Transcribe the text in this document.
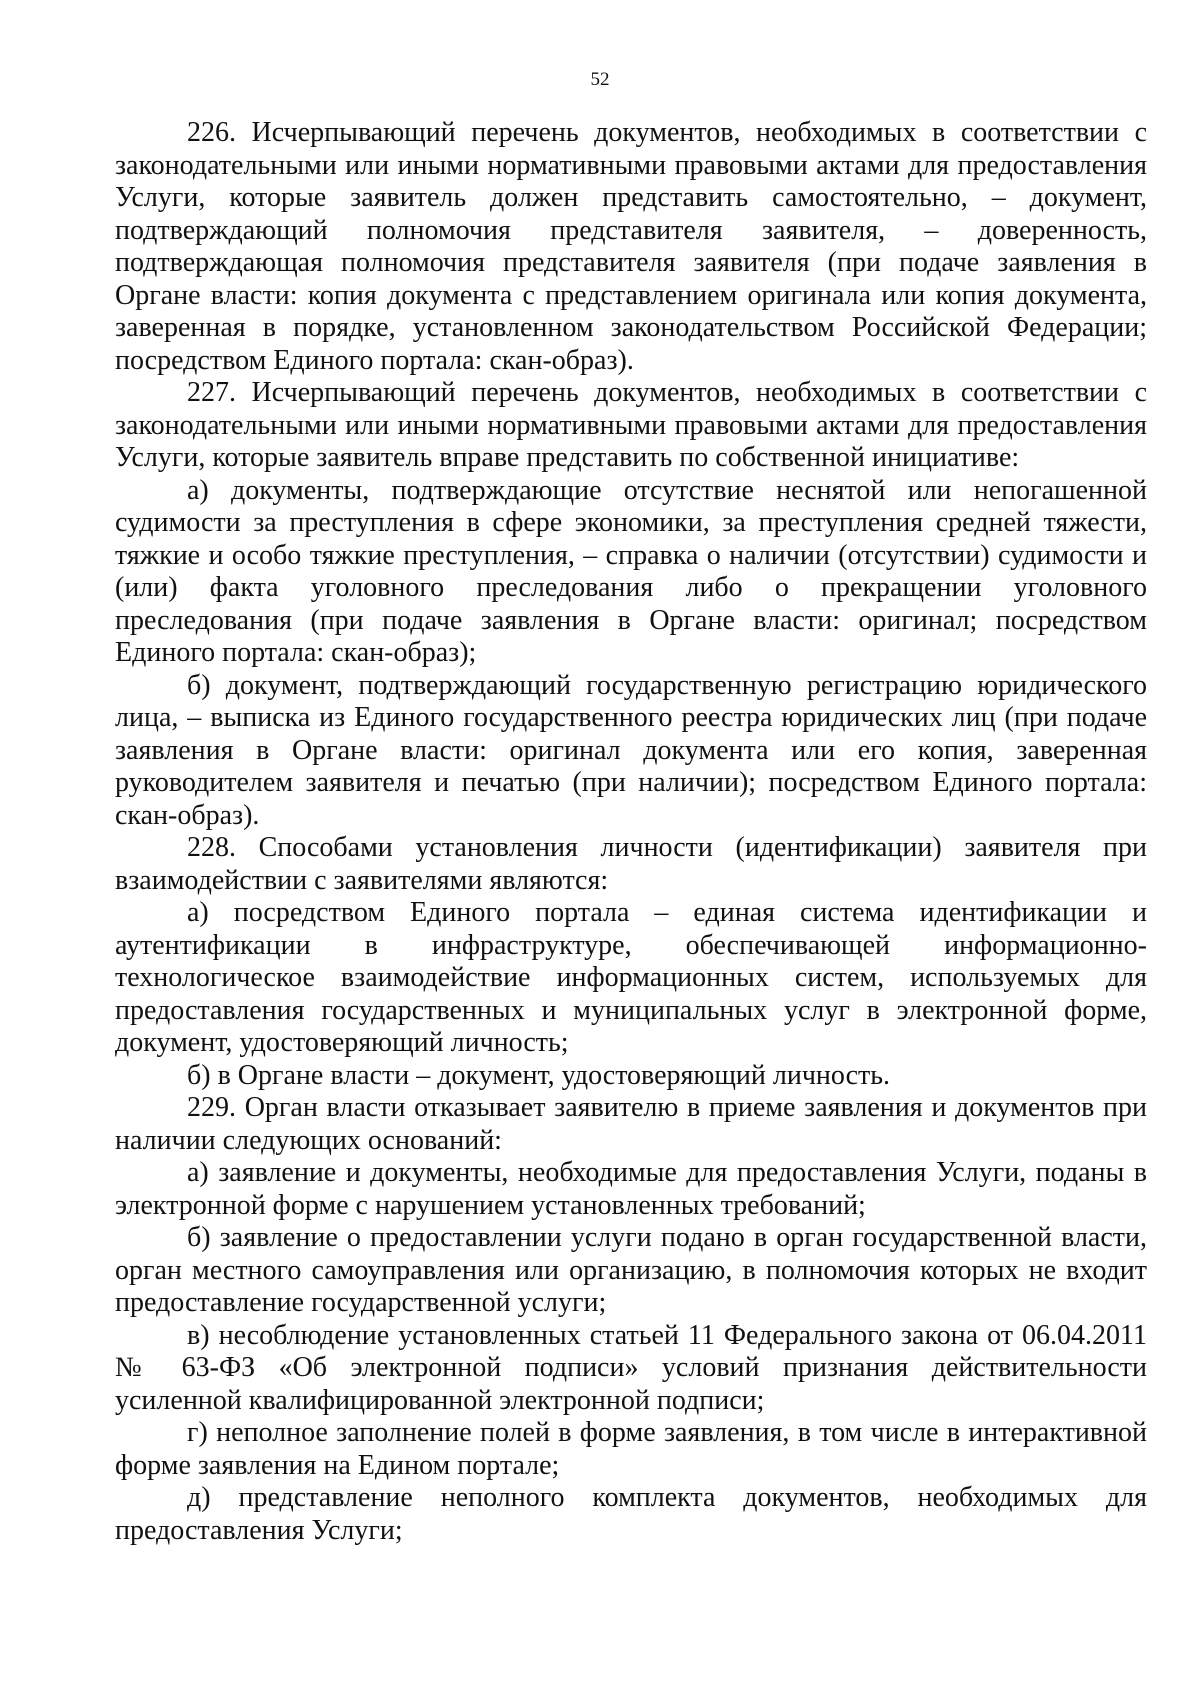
52

226. Исчерпывающий перечень документов, необходимых в соответствии с законодательными или иными нормативными правовыми актами для предоставления Услуги, которые заявитель должен представить самостоятельно, – документ, подтверждающий полномочия представителя заявителя, – доверенность, подтверждающая полномочия представителя заявителя (при подаче заявления в Органе власти: копия документа с представлением оригинала или копия документа, заверенная в порядке, установленном законодательством Российской Федерации; посредством Единого портала: скан-образ).

227. Исчерпывающий перечень документов, необходимых в соответствии с законодательными или иными нормативными правовыми актами для предоставления Услуги, которые заявитель вправе представить по собственной инициативе:

а) документы, подтверждающие отсутствие неснятой или непогашенной судимости за преступления в сфере экономики, за преступления средней тяжести, тяжкие и особо тяжкие преступления, – справка о наличии (отсутствии) судимости и (или) факта уголовного преследования либо о прекращении уголовного преследования (при подаче заявления в Органе власти: оригинал; посредством Единого портала: скан-образ);

б) документ, подтверждающий государственную регистрацию юридического лица, – выписка из Единого государственного реестра юридических лиц (при подаче заявления в Органе власти: оригинал документа или его копия, заверенная руководителем заявителя и печатью (при наличии); посредством Единого портала: скан-образ).

228. Способами установления личности (идентификации) заявителя при взаимодействии с заявителями являются:

а) посредством Единого портала – единая система идентификации и аутентификации в инфраструктуре, обеспечивающей информационно-технологическое взаимодействие информационных систем, используемых для предоставления государственных и муниципальных услуг в электронной форме, документ, удостоверяющий личность;

б) в Органе власти – документ, удостоверяющий личность.

229. Орган власти отказывает заявителю в приеме заявления и документов при наличии следующих оснований:

а) заявление и документы, необходимые для предоставления Услуги, поданы в электронной форме с нарушением установленных требований;

б) заявление о предоставлении услуги подано в орган государственной власти, орган местного самоуправления или организацию, в полномочия которых не входит предоставление государственной услуги;

в) несоблюдение установленных статьей 11 Федерального закона от 06.04.2011 № 63-ФЗ «Об электронной подписи» условий признания действительности усиленной квалифицированной электронной подписи;

г) неполное заполнение полей в форме заявления, в том числе в интерактивной форме заявления на Едином портале;

д) представление неполного комплекта документов, необходимых для предоставления Услуги;
